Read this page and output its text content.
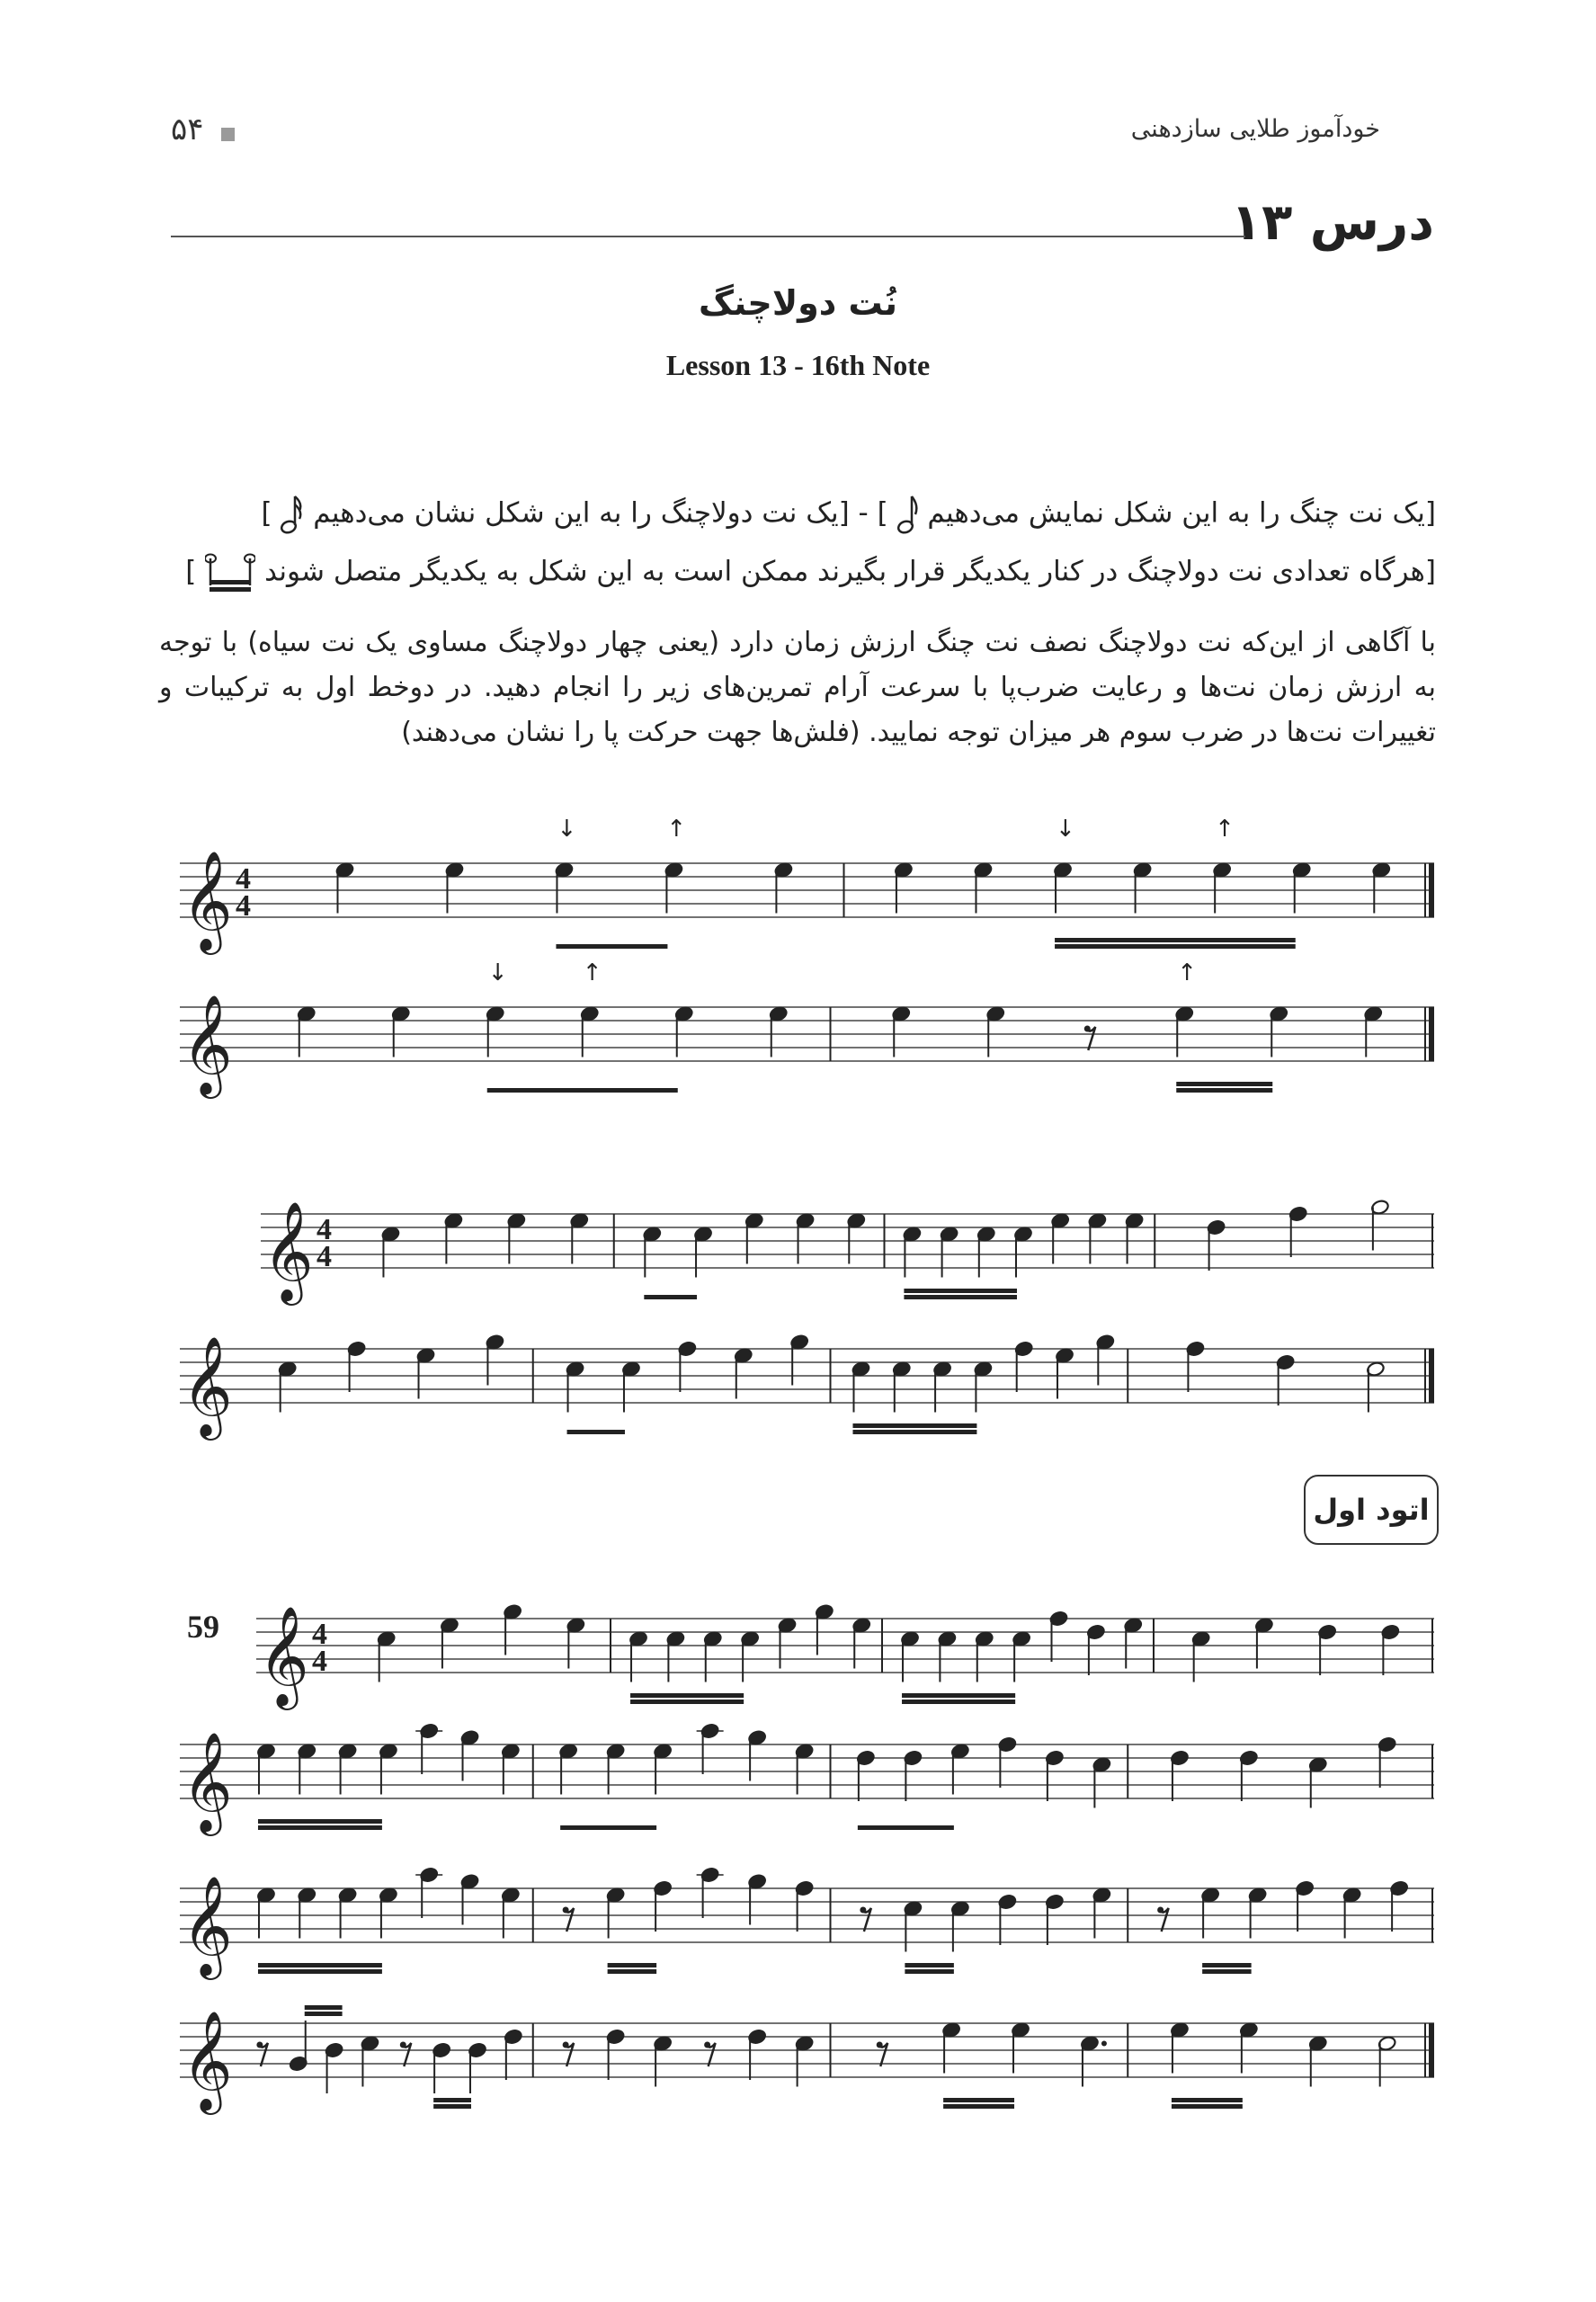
خودآموز طلایی سازدهنی
۵۴
درس ۱۳
نُت دولاچنگ
Lesson 13 - 16th Note
[یک نت چنگ را به این شکل نمایش می‌دهیم  ] - [یک نت دولاچنگ را به این شکل نشان می‌دهیم  ]
[هرگاه تعدادی نت دولاچنگ در کنار یکدیگر قرار بگیرند ممکن است به این شکل به یکدیگر متصل شوند  ]
با آگاهی از این‌که نت دولاچنگ نصف نت چنگ ارزش زمان دارد (یعنی چهار دولاچنگ مساوی یک نت سیاه) با توجه به ارزش زمان نت‌ها و رعایت ضرب‌پا با سرعت آرام تمرین‌های زیر را انجام دهید. در دوخط اول به ترکیبات و تغییرات نت‌ها در ضرب سوم هر میزان توجه نمایید. (فلش‌ها جهت حرکت پا را نشان می‌دهند)
𝄞 4
4
↓	↑	↓	↑
𝄞
↓	↑	↑
𝄞 4
4
𝄞
اتود اول
59 𝄞 4
4
𝄞
𝄞
𝄞
